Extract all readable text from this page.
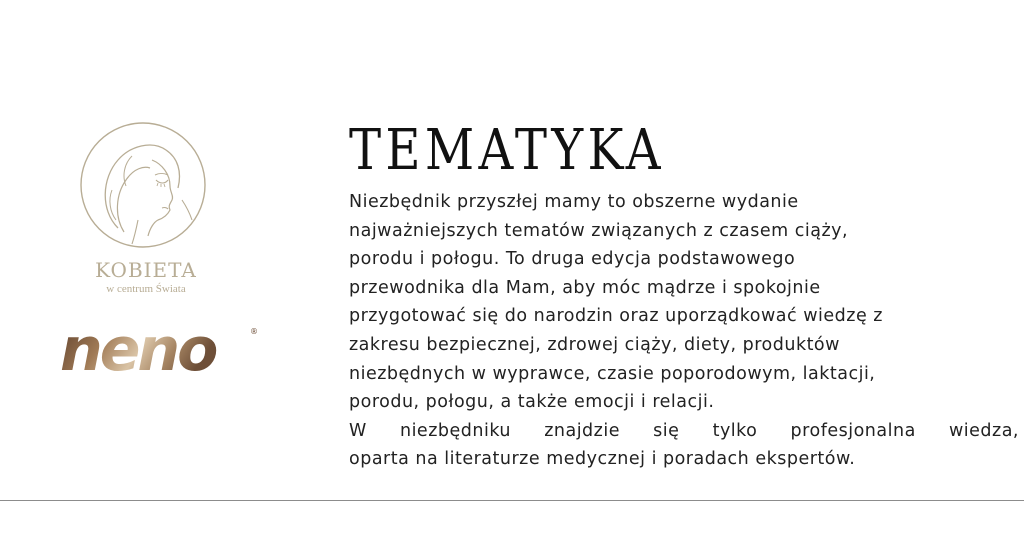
KOBIETA
w centrum Świata
neno	®
TEMATYKA

Niezbędnik przyszłej mamy to obszerne wydanie
najważniejszych tematów związanych z czasem ciąży,
porodu i połogu. To druga edycja podstawowego
przewodnika dla Mam, aby móc mądrze i spokojnie
przygotować się do narodzin oraz uporządkować wiedzę z
zakresu bezpiecznej, zdrowej ciąży, diety, produktów
niezbędnych w wyprawce, czasie poporodowym, laktacji,
porodu, połogu, a także emocji i relacji.
W niezbędniku znajdzie się tylko profesjonalna wiedza,
oparta na literaturze medycznej i poradach ekspertów.
